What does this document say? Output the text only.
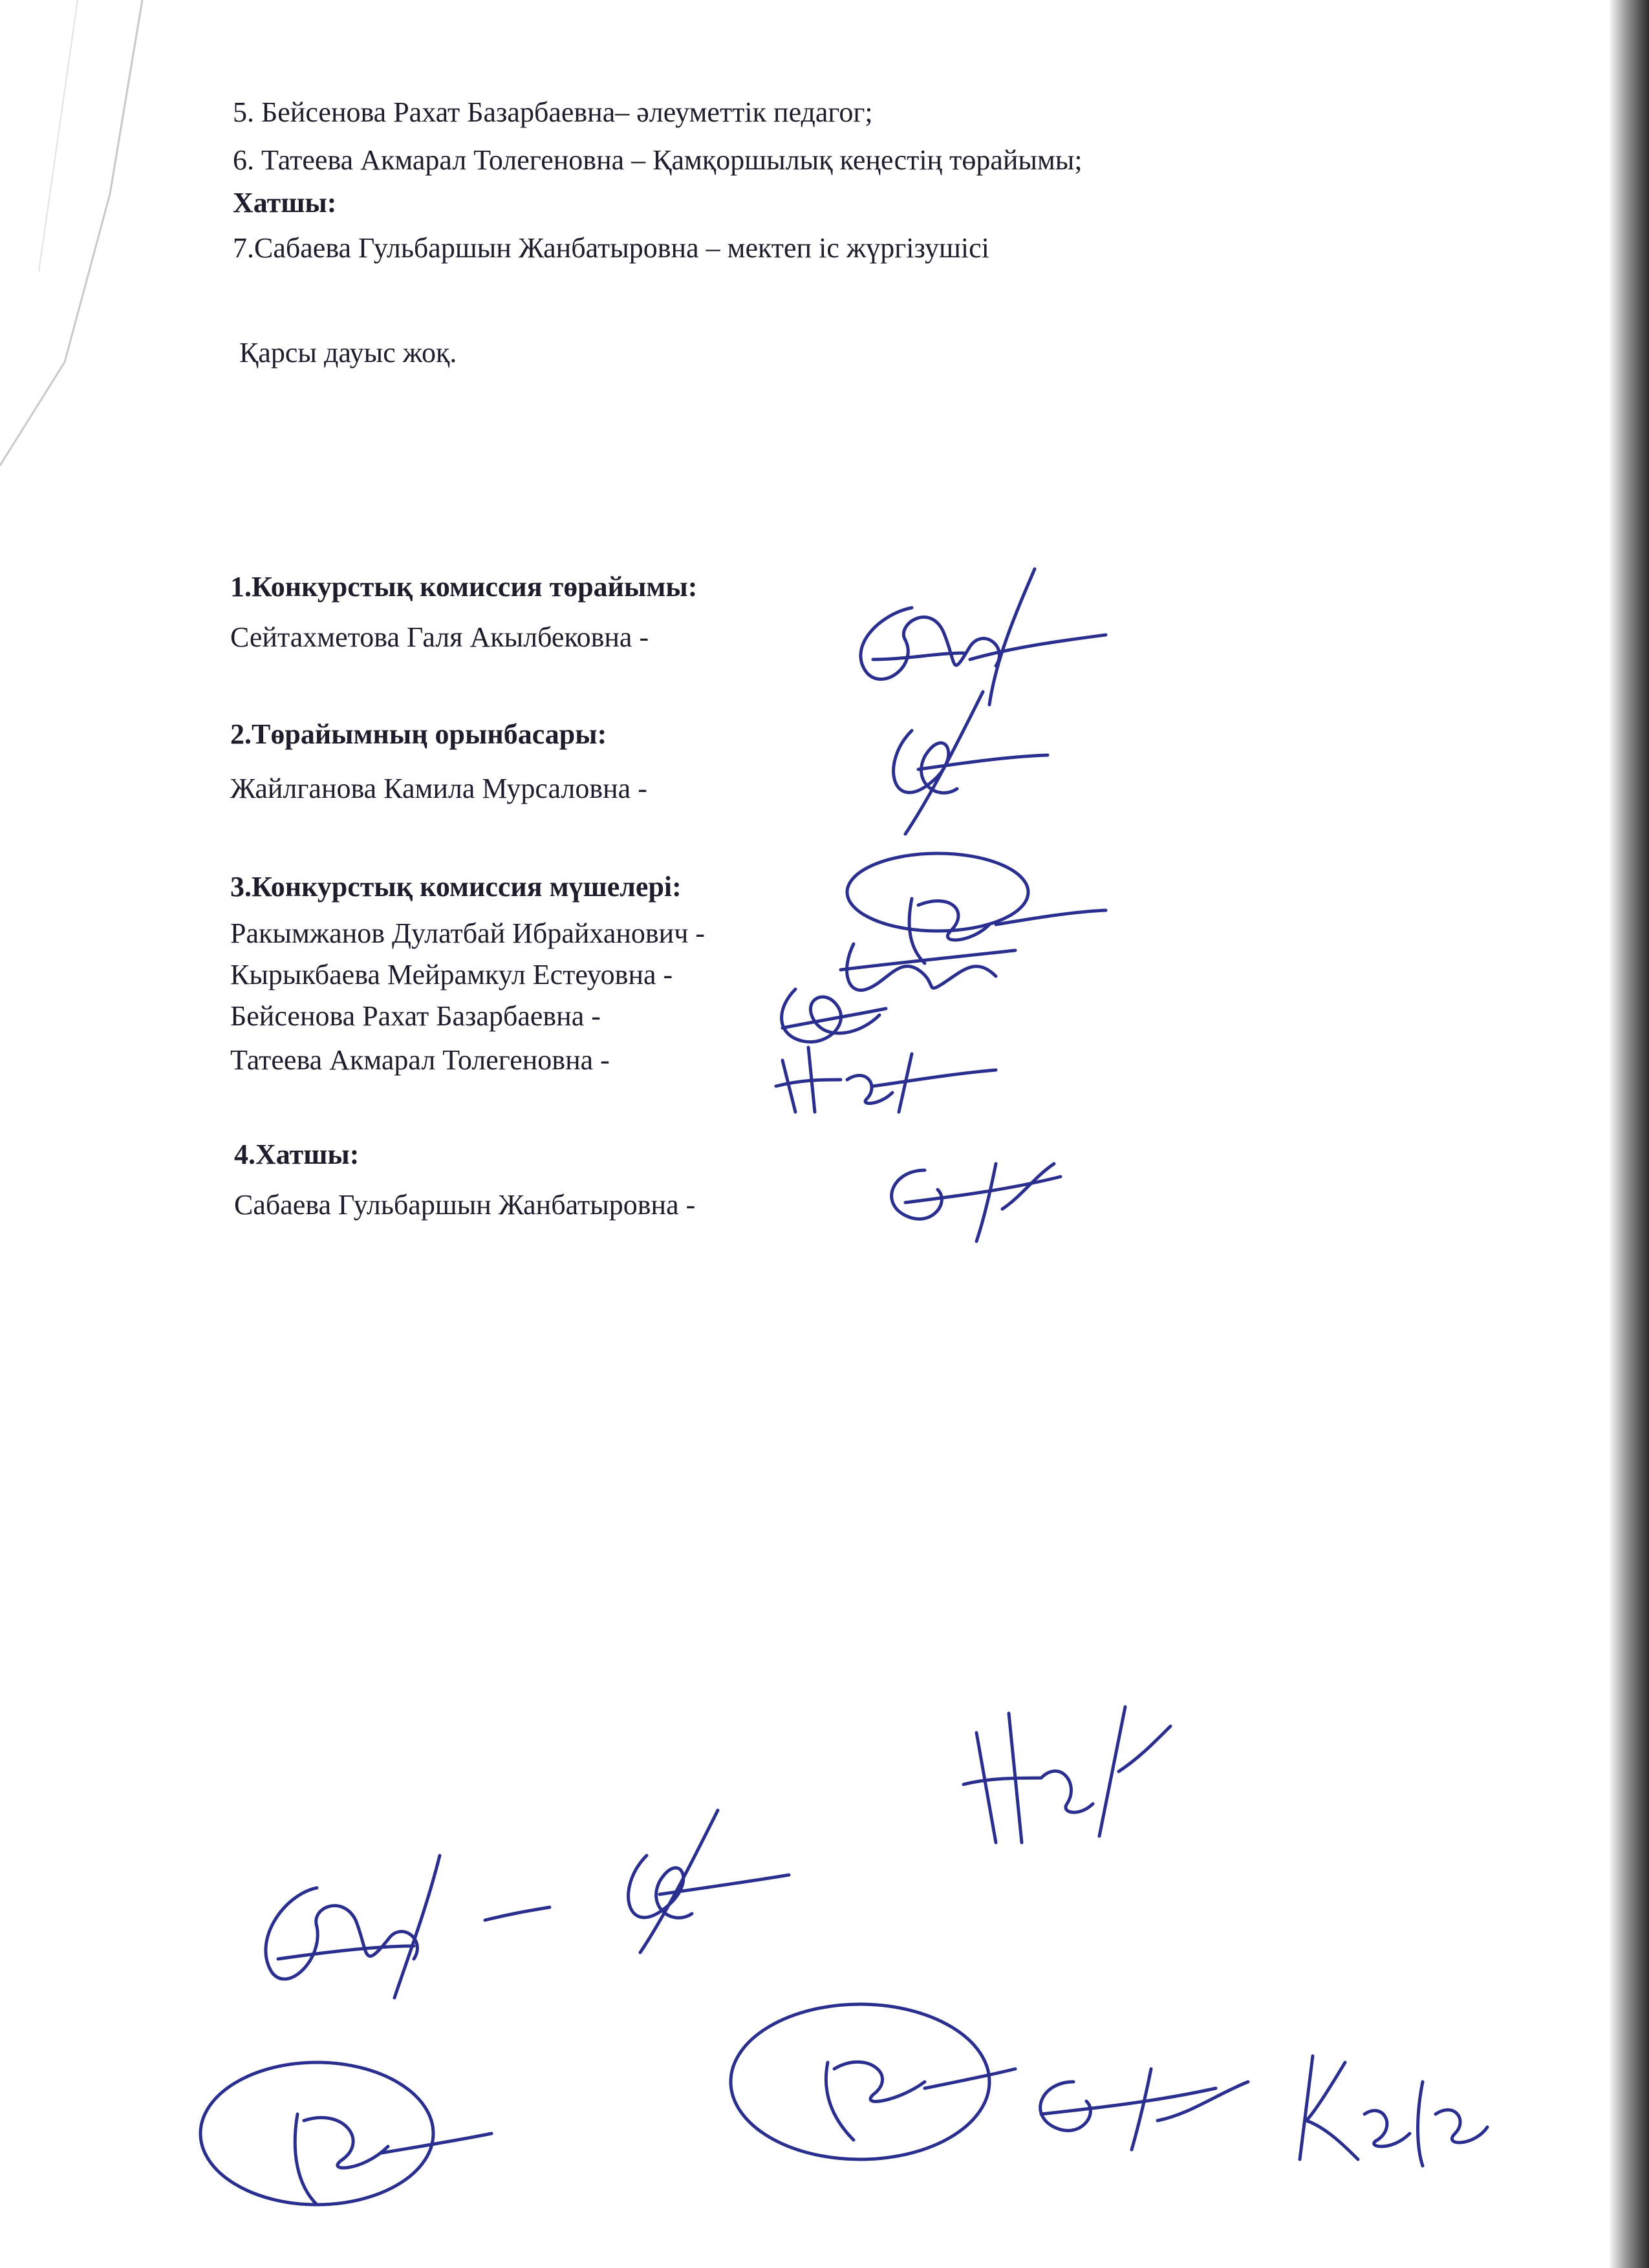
5. Бейсенова Рахат Базарбаевна– әлеуметтік педагог;
6. Татеева Акмарал Толегеновна – Қамқоршылық кеңестің төрайымы;
Хатшы:
7.Сабаева Гульбаршын Жанбатыровна – мектеп іс жүргізушісі
Қарсы дауыс жоқ.
1.Конкурстық комиссия төрайымы:
Сейтахметова Галя Акылбековна -
2.Төрайымның орынбасары:
Жайлганова Камила Мурсаловна -
3.Конкурстық комиссия мүшелері:
Ракымжанов Дулатбай Ибрайханович -
Кырыкбаева Мейрамкул Естеуовна -
Бейсенова Рахат Базарбаевна -
Татеева Акмарал Толегеновна -
4.Хатшы:
Сабаева Гульбаршын Жанбатыровна -
